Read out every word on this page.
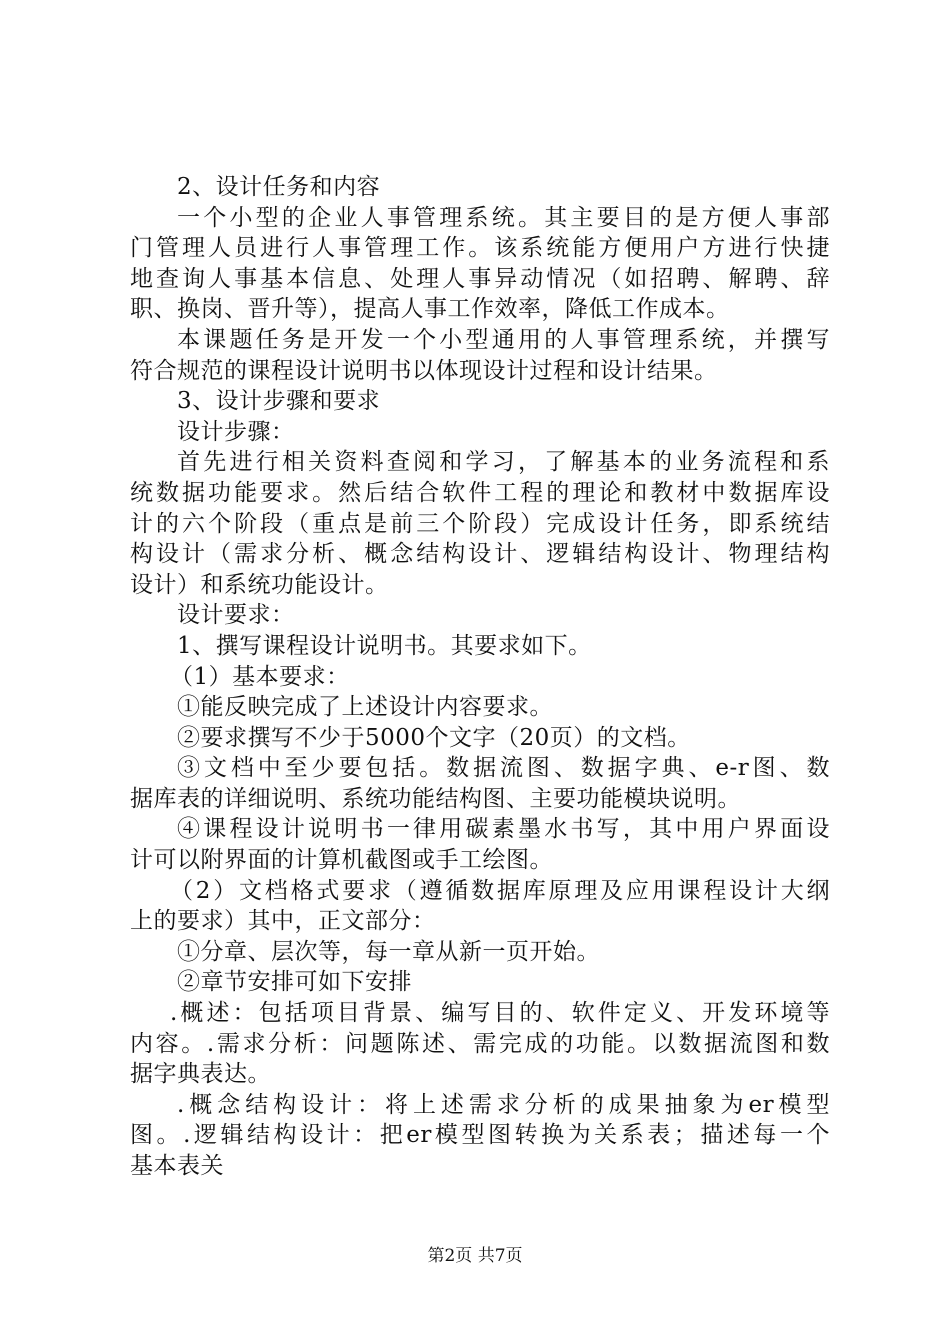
2、设计任务和内容
一个小型的企业人事管理系统。其主要目的是方便人事部
门管理人员进行人事管理工作。该系统能方便用户方进行快捷
地查询人事基本信息、处理人事异动情况（如招聘、解聘、辞
职、换岗、晋升等），提高人事工作效率，降低工作成本。
本课题任务是开发一个小型通用的人事管理系统，并撰写
符合规范的课程设计说明书以体现设计过程和设计结果。
3、设计步骤和要求
设计步骤：
首先进行相关资料查阅和学习，了解基本的业务流程和系
统数据功能要求。然后结合软件工程的理论和教材中数据库设
计的六个阶段（重点是前三个阶段）完成设计任务，即系统结
构设计（需求分析、概念结构设计、逻辑结构设计、物理结构
设计）和系统功能设计。
设计要求：
1、撰写课程设计说明书。其要求如下。
（1）基本要求：
①能反映完成了上述设计内容要求。
②要求撰写不少于5000个文字（20页）的文档。
③文档中至少要包括。数据流图、数据字典、e-r图、数
据库表的详细说明、系统功能结构图、主要功能模块说明。
④课程设计说明书一律用碳素墨水书写，其中用户界面设
计可以附界面的计算机截图或手工绘图。
（2）文档格式要求（遵循数据库原理及应用课程设计大纲
上的要求）其中，正文部分：
①分章、层次等，每一章从新一页开始。
②章节安排可如下安排
.概述：包括项目背景、编写目的、软件定义、开发环境等
内容。.需求分析：问题陈述、需完成的功能。以数据流图和数
据字典表达。
.概念结构设计：将上述需求分析的成果抽象为er模型
图。.逻辑结构设计：把er模型图转换为关系表；描述每一个
基本表关
第2页 共7页
